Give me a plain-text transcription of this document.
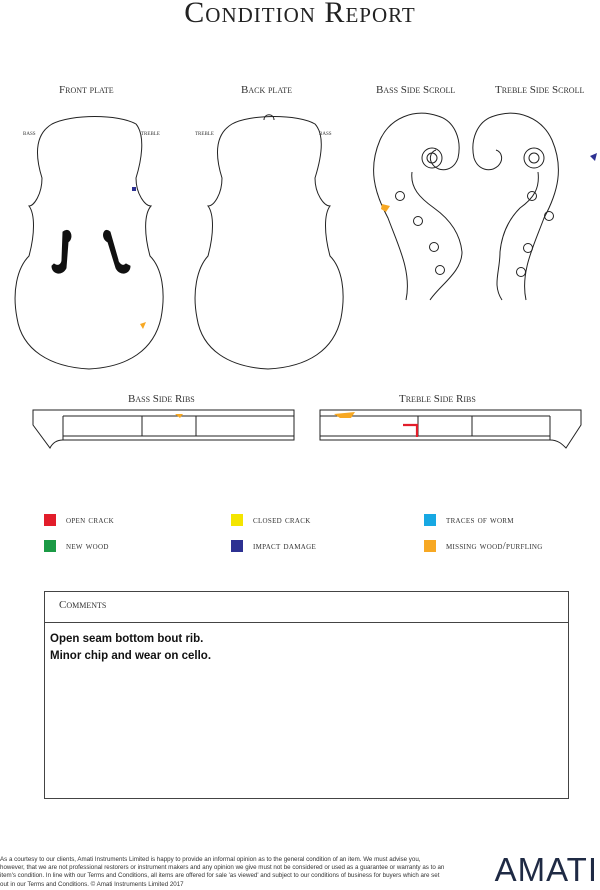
Condition Report
Front plate	Back plate	Bass Side Scroll	Treble Side Scroll
bass	treble	treble	bass
Bass Side Ribs	Treble Side Ribs
open crack	closed crack	traces of worm
new wood	impact damage	missing wood/purfling
Comments
Open seam bottom bout rib.
Minor chip and wear on cello.
As a courtesy to our clients, Amati Instruments Limited is happy to provide an informal opinion as to the general condition of an item. We must advise you, however, that we are not professional restorers or instrument makers and any opinion we give must not be considered or used as a guarantee or warranty as to an item's condition. In line with our Terms and Conditions, all items are offered for sale 'as viewed' and subject to our conditions of business for buyers which are set out in our Terms and Conditions. © Amati Instruments Limited 2017	AMATI
